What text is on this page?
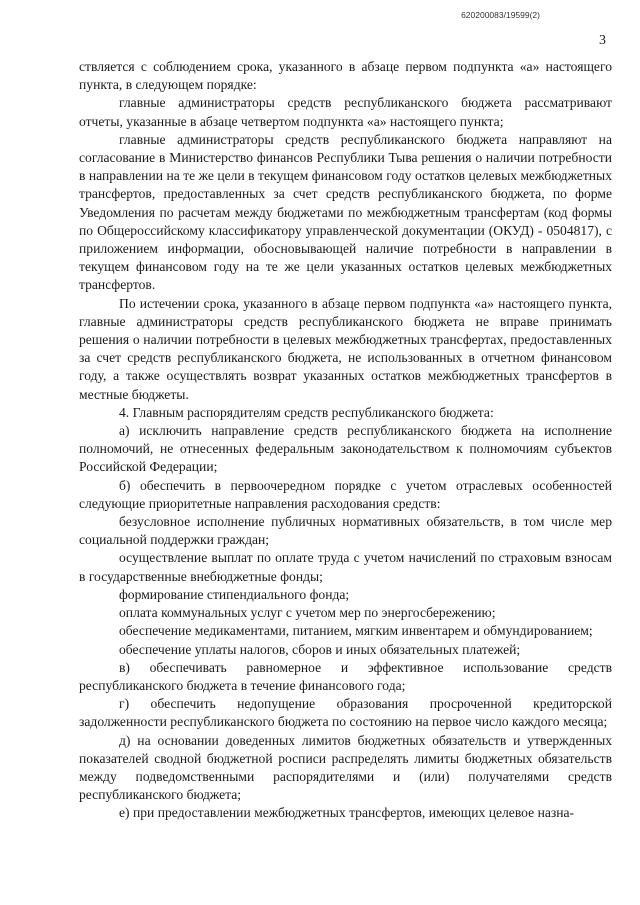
620200083/19599(2)
3

ствляется с соблюдением срока, указанного в абзаце первом подпункта «а» настоящего пункта, в следующем порядке:

главные администраторы средств республиканского бюджета рассматривают отчеты, указанные в абзаце четвертом подпункта «а» настоящего пункта;

главные администраторы средств республиканского бюджета направляют на согласование в Министерство финансов Республики Тыва решения о наличии потребности в направлении на те же цели в текущем финансовом году остатков целевых межбюджетных трансфертов, предоставленных за счет средств республиканского бюджета, по форме Уведомления по расчетам между бюджетами по межбюджетным трансфертам (код формы по Общероссийскому классификатору управленческой документации (ОКУД) - 0504817), с приложением информации, обосновывающей наличие потребности в направлении в текущем финансовом году на те же цели указанных остатков целевых межбюджетных трансфертов.

По истечении срока, указанного в абзаце первом подпункта «а» настоящего пункта, главные администраторы средств республиканского бюджета не вправе принимать решения о наличии потребности в целевых межбюджетных трансфертах, предоставленных за счет средств республиканского бюджета, не использованных в отчетном финансовом году, а также осуществлять возврат указанных остатков межбюджетных трансфертов в местные бюджеты.

4. Главным распорядителям средств республиканского бюджета:

а) исключить направление средств республиканского бюджета на исполнение полномочий, не отнесенных федеральным законодательством к полномочиям субъектов Российской Федерации;

б) обеспечить в первоочередном порядке с учетом отраслевых особенностей следующие приоритетные направления расходования средств:

безусловное исполнение публичных нормативных обязательств, в том числе мер социальной поддержки граждан;

осуществление выплат по оплате труда с учетом начислений по страховым взносам в государственные внебюджетные фонды;

формирование стипендиального фонда;

оплата коммунальных услуг с учетом мер по энергосбережению;

обеспечение медикаментами, питанием, мягким инвентарем и обмундированием;

обеспечение уплаты налогов, сборов и иных обязательных платежей;

в) обеспечивать равномерное и эффективное использование средств республиканского бюджета в течение финансового года;

г) обеспечить недопущение образования просроченной кредиторской задолженности республиканского бюджета по состоянию на первое число каждого месяца;

д) на основании доведенных лимитов бюджетных обязательств и утвержденных показателей сводной бюджетной росписи распределять лимиты бюджетных обязательств между подведомственными распорядителями и (или) получателями средств республиканского бюджета;

е) при предоставлении межбюджетных трансфертов, имеющих целевое назна-
